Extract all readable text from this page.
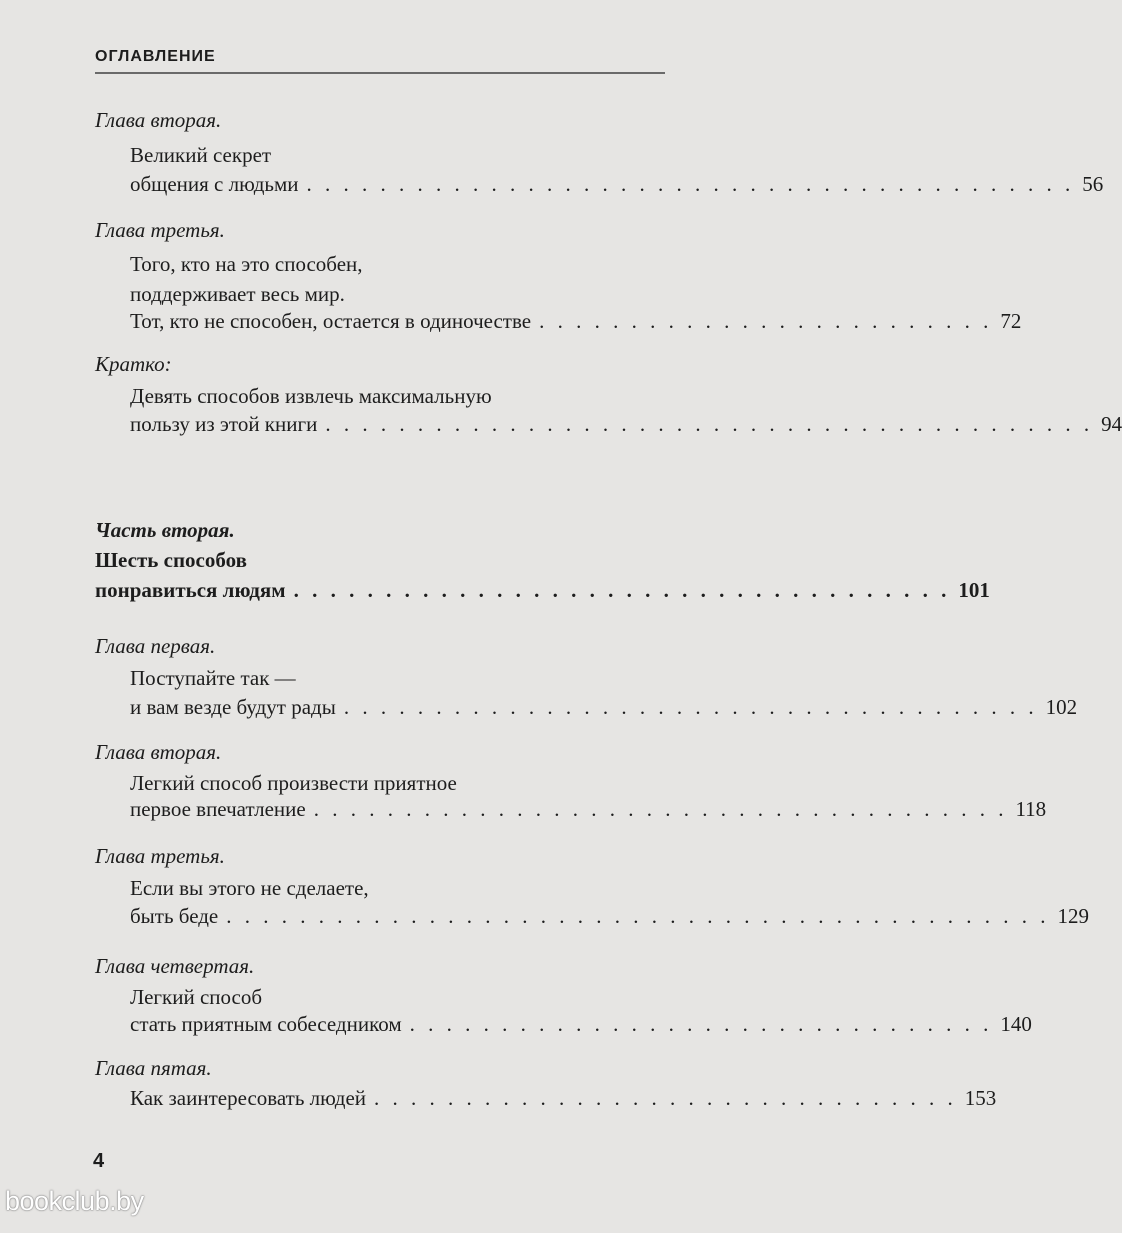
ОГЛАВЛЕНИЕ
Глава вторая.
Великий секрет
общения с людьми . . . . . . . . . . . . . . . . . . . . . . . . . . . . . . . . . . . . . . . . . . 56
Глава третья.
Того, кто на это способен,
поддерживает весь мир.
Тот, кто не способен, остается в одиночестве . . . . . . . . . . . . . . . . . . . . . . . . . 72
Кратко:
Девять способов извлечь максимальную
пользу из этой книги . . . . . . . . . . . . . . . . . . . . . . . . . . . . . . . . . . . . . . . . . . 94
Часть вторая.
Шесть способов
понравиться людям . . . . . . . . . . . . . . . . . . . . . . . . . . . . . . . . . . . . 101
Глава первая.
Поступайте так —
и вам везде будут рады . . . . . . . . . . . . . . . . . . . . . . . . . . . . . . . . . . . . . . 102
Глава вторая.
Легкий способ произвести приятное
первое впечатление . . . . . . . . . . . . . . . . . . . . . . . . . . . . . . . . . . . . . . 118
Глава третья.
Если вы этого не сделаете,
быть беде . . . . . . . . . . . . . . . . . . . . . . . . . . . . . . . . . . . . . . . . . . . . . 129
Глава четвертая.
Легкий способ
стать приятным собеседником . . . . . . . . . . . . . . . . . . . . . . . . . . . . . . . . 140
Глава пятая.
Как заинтересовать людей . . . . . . . . . . . . . . . . . . . . . . . . . . . . . . . . 153
4
bookclub.by
